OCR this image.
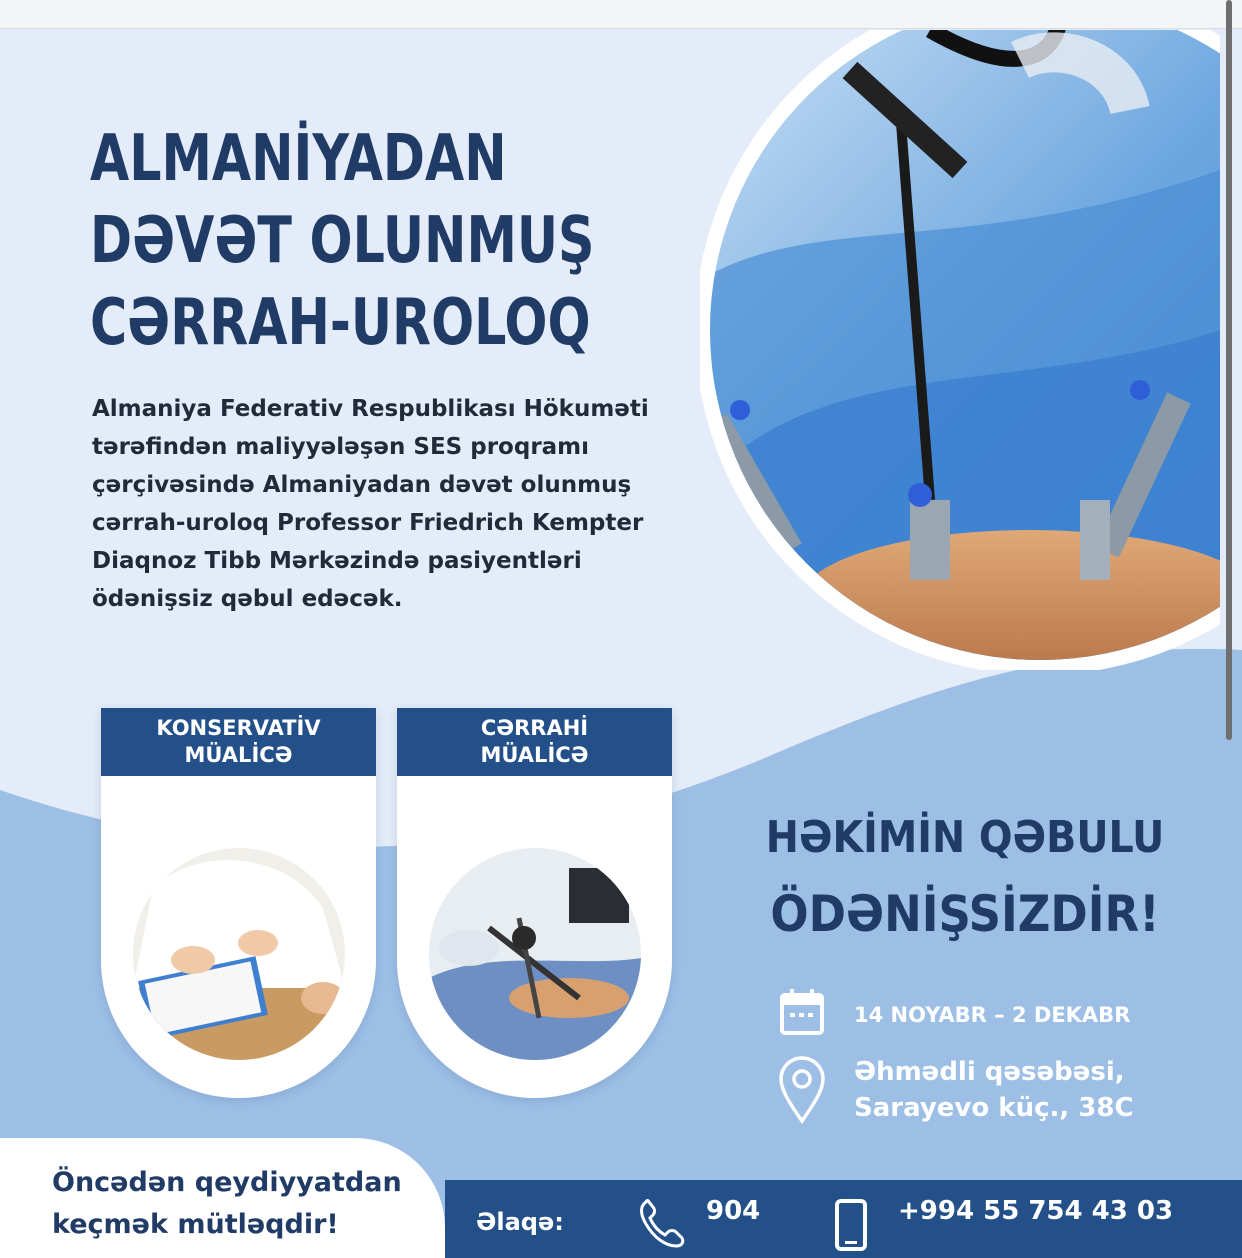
ALMANİYADAN
DƏVƏT OLUNMUŞ
CƏRRAH-UROLOQ
Almaniya Federativ Respublikası Hökuməti
tərəfindən maliyyələşən SES proqramı
çərçivəsində Almaniyadan dəvət olunmuş
cərrah-uroloq Professor Friedrich Kempter
Diaqnoz Tibb Mərkəzində pasiyentləri
ödənişsiz qəbul edəcək.
KONSERVATİV
MÜALİCƏ
CƏRRAHİ
MÜALİCƏ
HƏKİMİN QƏBULU
ÖDƏNİŞSİZDİR!
14 NOYABR – 2 DEKABR
Əhmədli qəsəbəsi,
Sarayevo küç., 38C
Öncədən qeydiyyatdan
keçmək mütləqdir!	Əlaqə:	904	+994 55 754 43 03
